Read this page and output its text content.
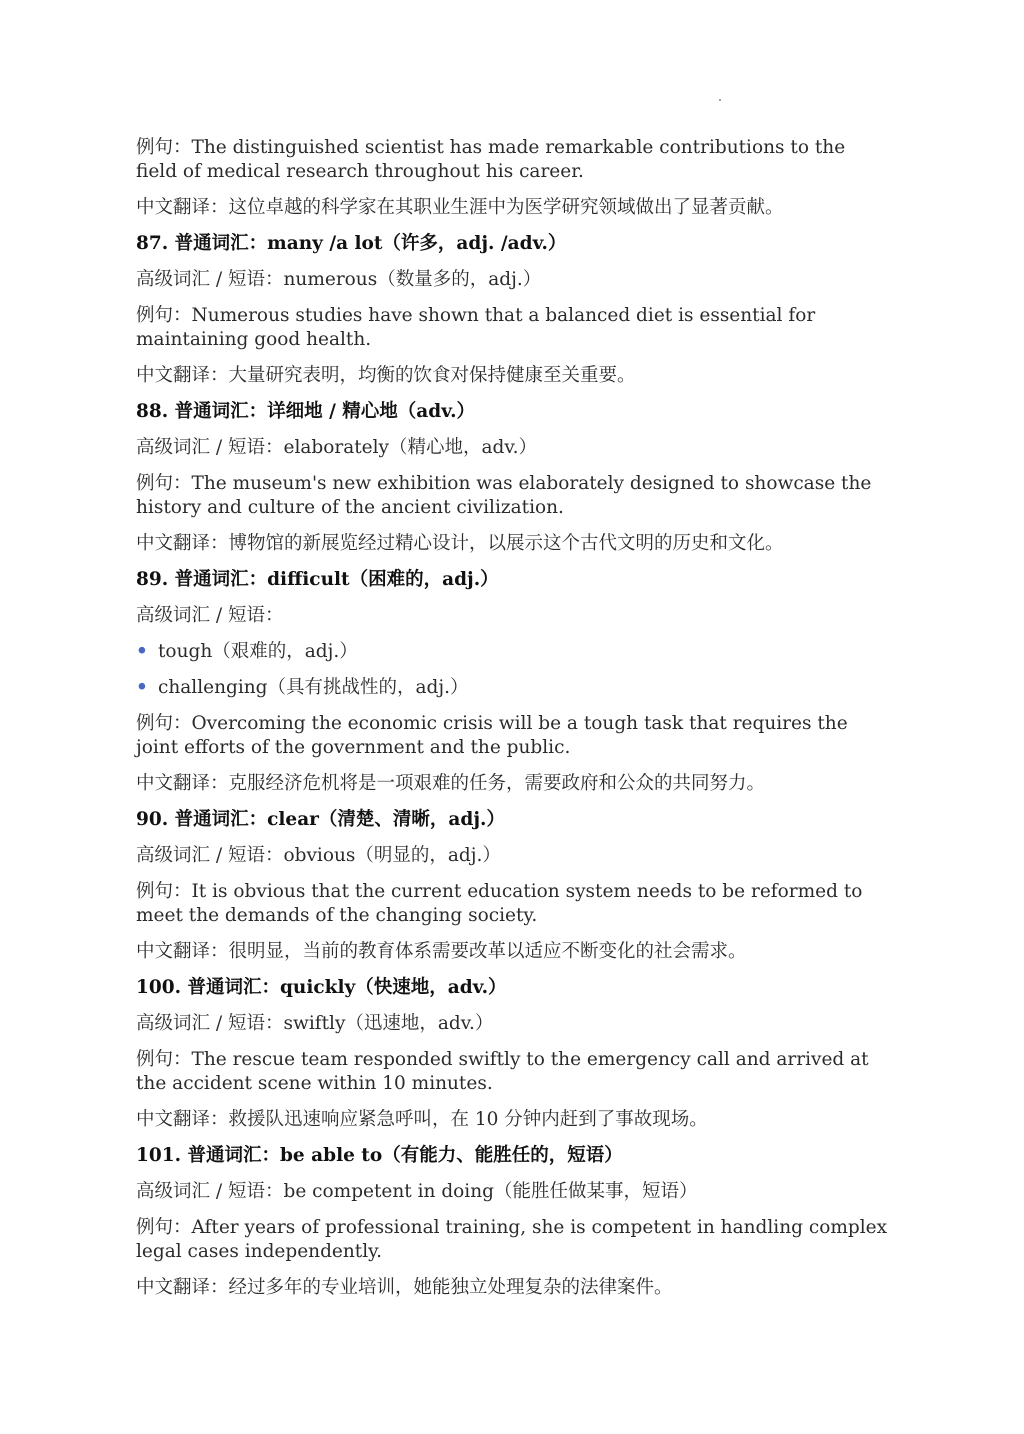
例句：The distinguished scientist has made remarkable contributions to the field of medical research throughout his career.
中文翻译：这位卓越的科学家在其职业生涯中为医学研究领域做出了显著贡献。
87. 普通词汇：many /a lot（许多，adj. /adv.）
高级词汇 / 短语：numerous（数量多的，adj.）
例句：Numerous studies have shown that a balanced diet is essential for maintaining good health.
中文翻译：大量研究表明，均衡的饮食对保持健康至关重要。
88. 普通词汇：详细地 / 精心地（adv.）
高级词汇 / 短语：elaborately（精心地，adv.）
例句：The museum's new exhibition was elaborately designed to showcase the history and culture of the ancient civilization.
中文翻译：博物馆的新展览经过精心设计，以展示这个古代文明的历史和文化。
89. 普通词汇：difficult（困难的，adj.）
高级词汇 / 短语：
• tough（艰难的，adj.）
• challenging（具有挑战性的，adj.）
例句：Overcoming the economic crisis will be a tough task that requires the joint efforts of the government and the public.
中文翻译：克服经济危机将是一项艰难的任务，需要政府和公众的共同努力。
90. 普通词汇：clear（清楚、清晰，adj.）
高级词汇 / 短语：obvious（明显的，adj.）
例句：It is obvious that the current education system needs to be reformed to meet the demands of the changing society.
中文翻译：很明显，当前的教育体系需要改革以适应不断变化的社会需求。
100. 普通词汇：quickly（快速地，adv.）
高级词汇 / 短语：swiftly（迅速地，adv.）
例句：The rescue team responded swiftly to the emergency call and arrived at the accident scene within 10 minutes.
中文翻译：救援队迅速响应紧急呼叫，在 10 分钟内赶到了事故现场。
101. 普通词汇：be able to（有能力、能胜任的，短语）
高级词汇 / 短语：be competent in doing（能胜任做某事，短语）
例句：After years of professional training, she is competent in handling complex legal cases independently.
中文翻译：经过多年的专业培训，她能独立处理复杂的法律案件。
